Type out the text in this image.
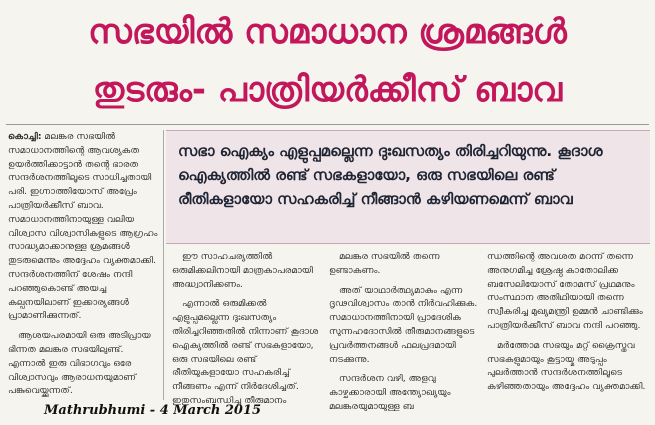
സഭയിൽ സമാധാന ശ്രമങ്ങൾ
തുടരും- പാത്രിയർക്കീസ് ബാവ

കൊച്ചി: മലങ്കര സഭയിൽ സമാധാനത്തിന്റെ ആവശ്യകത ഉയർത്തിക്കാട്ടാൻ തന്റെ ഭാരത സന്ദർശനത്തിലൂടെ സാധിച്ചതായി പരി. ഇഗ്നാത്തിയോസ് അപ്രേം പാത്രിയർക്കീസ് ബാവ. സമാധാനത്തിനായുള്ള വലിയ വിശ്വാസ വിശ്വാസികളുടെ ആഗ്രഹം സാദ്ധ്യമാക്കാനുള്ള ശ്രമങ്ങൾ തുടരുമെന്നും അദ്ദേഹം വ്യക്തമാക്കി. സന്ദർശനത്തിന് ശേഷം നന്ദി പറഞ്ഞുകൊണ്ട് അയച്ച കല്പനയിലാണ് ഇക്കാര്യങ്ങൾ പ്രാമാണിക്കുന്നത്.

ആശയപരമായി ഒരു അടിപ്രായ ഭിന്നത മലങ്കര സഭയിലുണ്ട്. എന്നാൽ ഇരു വിഭാഗവും ഒരേ വിശ്വാസവും ആരാധനയുമാണ് പങ്കുവെയ്ക്കുന്നത്.

സഭാ ഐക്യം എളുപ്പമല്ലെന്ന ദുഃഖസത്യം തിരിച്ചറിയുന്നു. കൂദാശ ഐക്യത്തിൽ രണ്ട് സഭകളായോ, ഒരു സഭയിലെ രണ്ട് രീതികളായോ സഹകരിച്ച് നീങ്ങാൻ കഴിയണമെന്ന് ബാവ

ഈ സാഹചര്യത്തിൽ ഒരുമിക്കലിനായി മാത്രകാപരമായി അദ്ധ്വാനിക്കണം.

എന്നാൽ ഒരുമിക്കൽ എളുപ്പമല്ലെന്ന ദുഃഖസത്യം തിരിച്ചറിഞ്ഞതിൽ നിന്നാണ് കൂദാശ ഐക്യത്തിൽ രണ്ട് സഭകളായോ, ഒരു സഭയിലെ രണ്ട് രീതിയുകളായോ സഹകരിച്ച് നീങ്ങണം എന്ന് നിർദേശിച്ചത്. ഇതുസംബന്ധിച്ച തീരുമാനം

മലങ്കര സഭയിൽ തന്നെ ഉണ്ടാകണം.

അത് യാഥാർത്ഥ്യമാകും എന്ന ദൃഢവിശ്വാസം താൻ നിർവഹിക്കുക. സമാധാനത്തിനായി പ്രാദേശിക സുന്നഹദോസിൽ തീരുമാനങ്ങളുടെ പ്രവർത്തനങ്ങൾ ഫലപ്രദമായി നടക്കുന്നു.

സന്ദർശന വഴി, അളവു കാഴ്ചക്കാരായി അന്ത്യോഖ്യയും മലങ്കരയുമായുള്ള ബ

ന്ധത്തിന്റെ അവശത മറന്ന് തന്നെ അനുഗമിച്ച ശ്രേഷ്ഠ കാതോലിക്ക ബസേലിയോസ് തോമസ് പ്രഥമനും സംസ്ഥാന അതിഥിയായി തന്നെ സ്വീകരിച്ച മുഖ്യമന്ത്രി ഉമ്മൻ ചാണ്ടിക്കും പാത്രിയർക്കീസ് ബാവ നന്ദി പറഞ്ഞു.

മർത്തോമ സഭയും മറ്റ് ക്രൈസ്തവ സഭകളുമായും കൂട്ടായ്മ അടുപ്പം പുലർത്താൻ സന്ദർശനത്തിലൂടെ കഴിഞ്ഞതായും അദ്ദേഹം വ്യക്തമാക്കി.

Mathrubhumi - 4 March 2015
